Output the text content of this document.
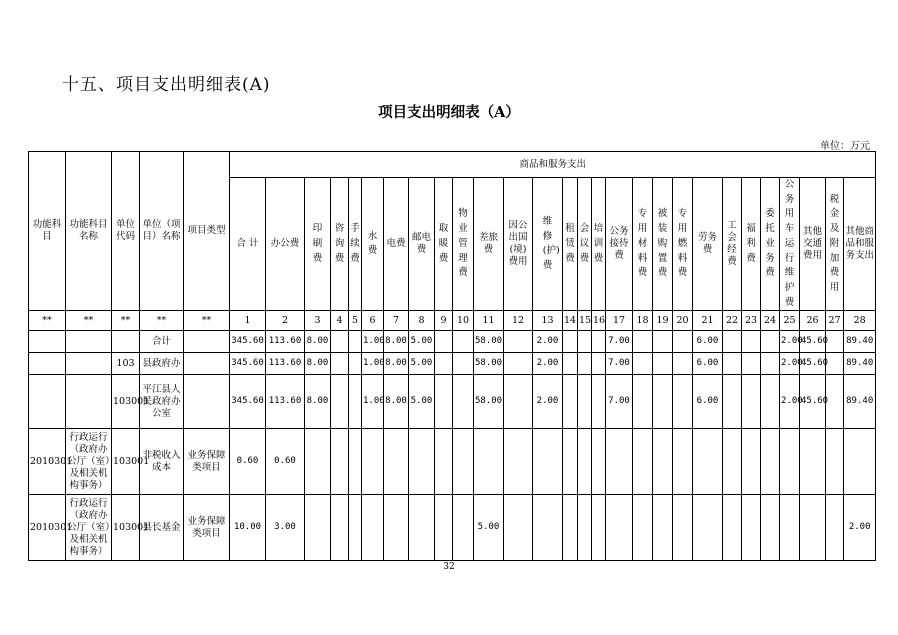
十五、项目支出明细表(A)
项目支出明细表（A）
单位：万元
功能科目	功能科目名称	单位代码	单位（项目）名称	项目类型	商品和服务支出																											
					合 计	办公费	印刷费	咨询费	手续费	水费	电费	邮电费	取暖费	物业管理费	差旅费	因公出国(境)费用	维修(护)费	租赁费	会议费	培训费	公务接待费	专用材料费	被装购置费	专用燃料费	劳务费	工会经费	福利费	委托业务费	公务用车运行维护费	其他交通费用	税金及附加费用	其他商品和服务支出
**	**	**	**	**	1	2	3	4	5	6	7	8	9	10	11	12	13	14	15	16	17	18	19	20	21	22	23	24	25	26	27	28
			合计		345.60	113.60	8.00			1.00	8.00	5.00			58.00		2.00				7.00				6.00				2.00	45.60		89.40
		103	县政府办		345.60	113.60	8.00			1.00	8.00	5.00			58.00		2.00				7.00				6.00				2.00	45.60		89.40
		103001	平江县人民政府办公室		345.60	113.60	8.00			1.00	8.00	5.00			58.00		2.00				7.00				6.00				2.00	45.60		89.40
2010301	行政运行（政府办公厅（室）及相关机构事务）	103001	非税收入成本	业务保障类项目	0.60	0.60																										
2010301	行政运行（政府办公厅（室）及相关机构事务）	103001	县长基金	业务保障类项目	10.00	3.00									5.00																	2.00
32
